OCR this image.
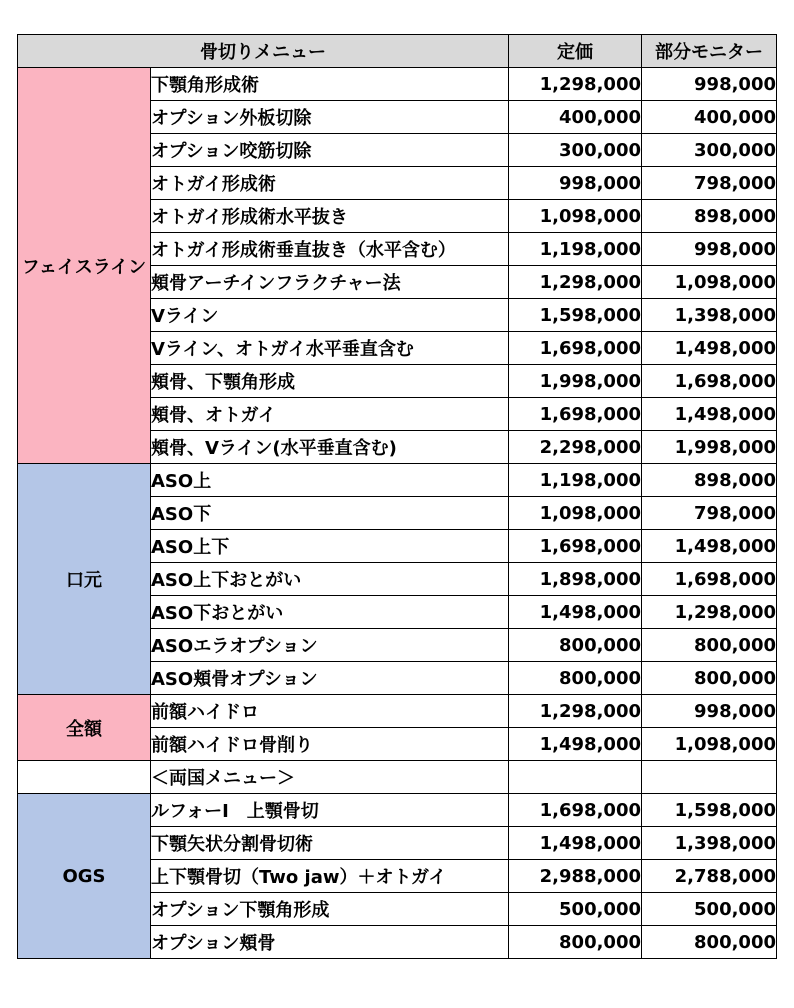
骨切りメニュー		定価	部分モニター
フェイスライン	下顎角形成術	1,298,000	998,000
	オプション外板切除	400,000	400,000
	オプション咬筋切除	300,000	300,000
	オトガイ形成術	998,000	798,000
	オトガイ形成術水平抜き	1,098,000	898,000
	オトガイ形成術垂直抜き（水平含む）	1,198,000	998,000
	頬骨アーチインフラクチャー法	1,298,000	1,098,000
	Vライン	1,598,000	1,398,000
	Vライン、オトガイ水平垂直含む	1,698,000	1,498,000
	頬骨、下顎角形成	1,998,000	1,698,000
	頬骨、オトガイ	1,698,000	1,498,000
	頬骨、Vライン(水平垂直含む)	2,298,000	1,998,000
口元	ASO上	1,198,000	898,000
	ASO下	1,098,000	798,000
	ASO上下	1,698,000	1,498,000
	ASO上下おとがい	1,898,000	1,698,000
	ASO下おとがい	1,498,000	1,298,000
	ASOエラオプション	800,000	800,000
	ASO頬骨オプション	800,000	800,000
全額	前額ハイドロ	1,298,000	998,000
	前額ハイドロ骨削り	1,498,000	1,098,000
	＜両国メニュー＞		
OGS	ルフォーⅠ　上顎骨切	1,698,000	1,598,000
	下顎矢状分割骨切術	1,498,000	1,398,000
	上下顎骨切（Two jaw）＋オトガイ	2,988,000	2,788,000
	オプション下顎角形成	500,000	500,000
	オプション頬骨	800,000	800,000
